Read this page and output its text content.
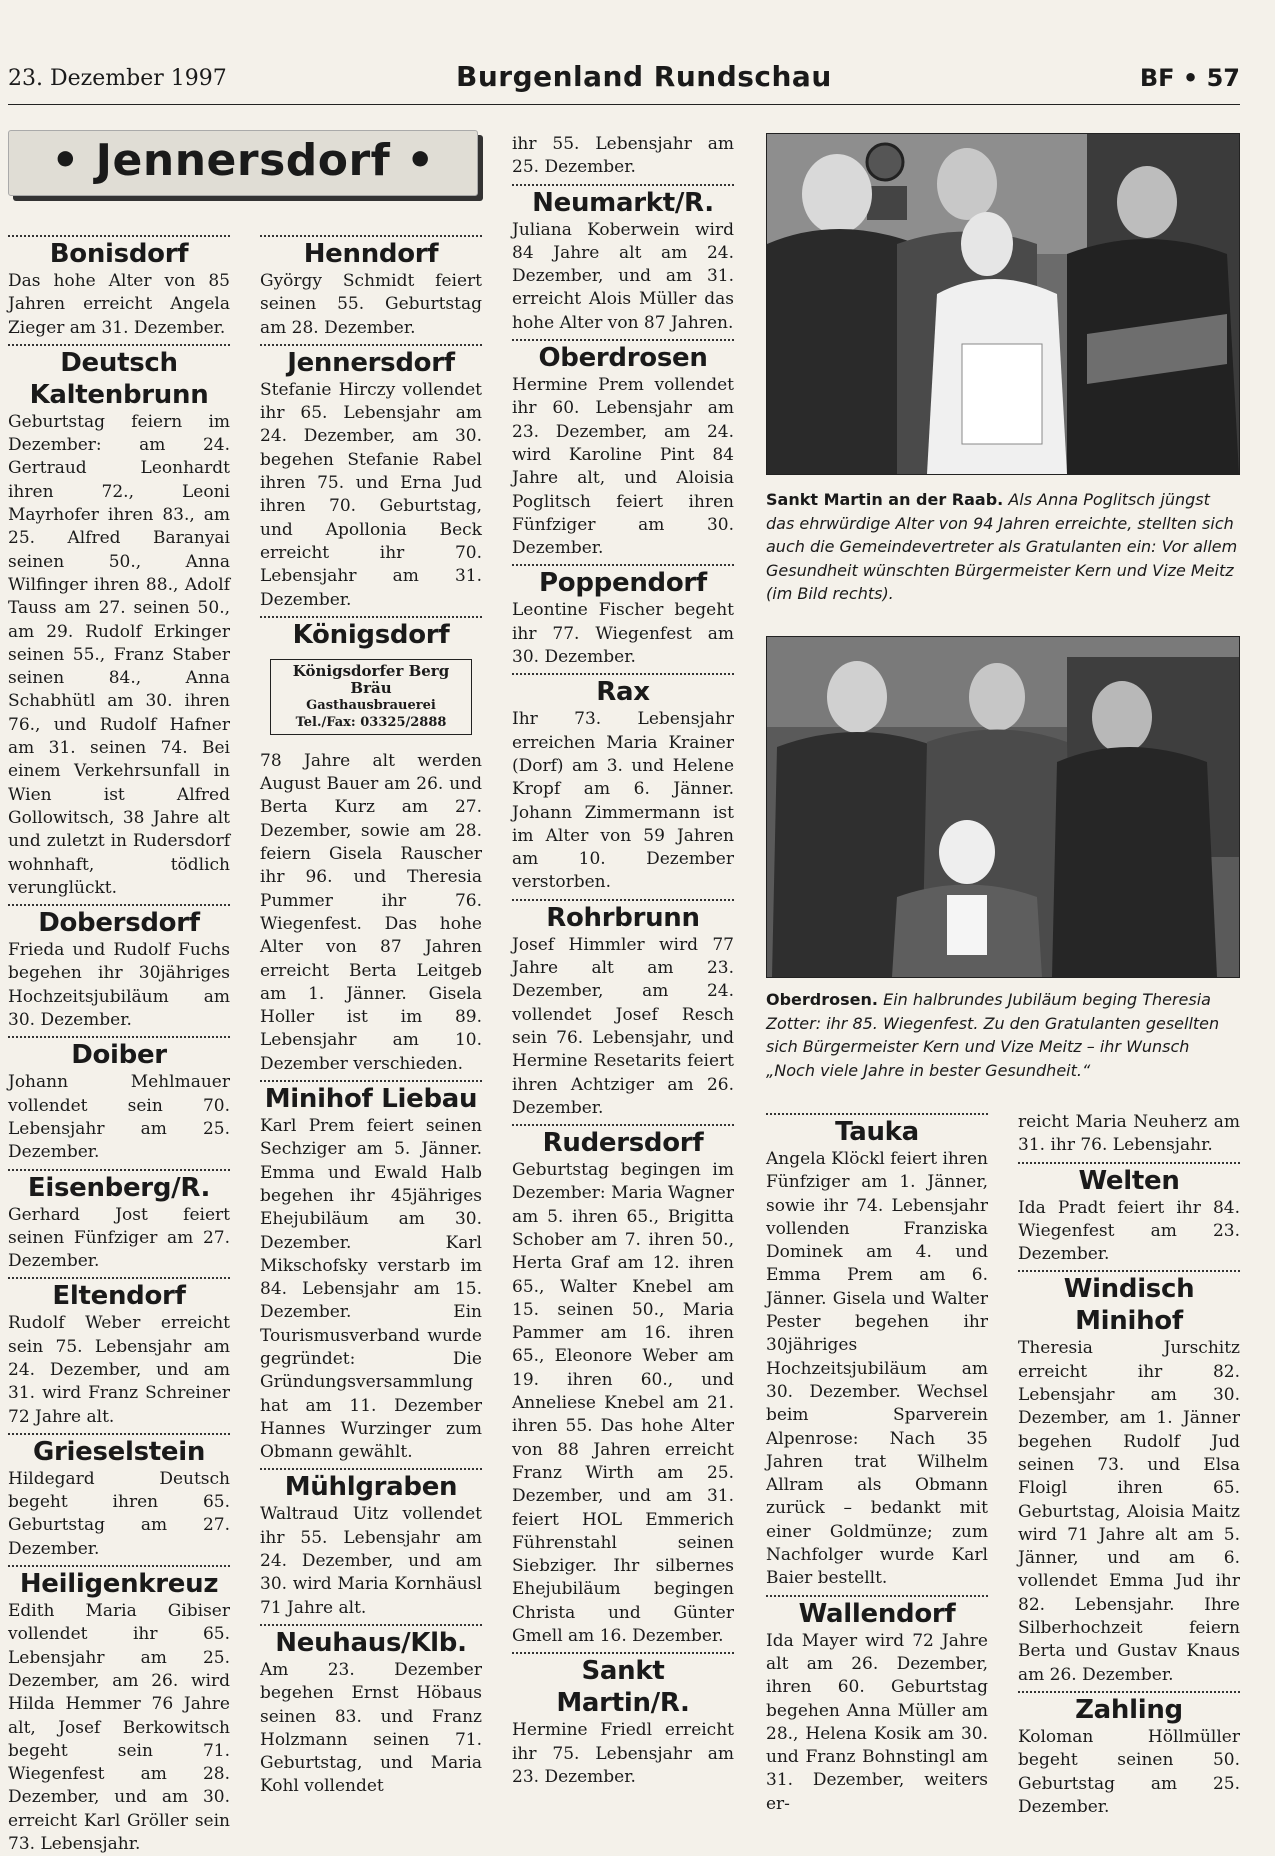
23. Dezember 1997	Burgenland Rundschau	BF • 57
• Jennersdorf •
Bonisdorf

Das hohe Alter von 85 Jahren erreicht Angela Zieger am 31. Dezember.

Deutsch Kaltenbrunn

Geburtstag feiern im Dezember: am 24. Gertraud Leonhardt ihren 72., Leoni Mayrhofer ihren 83., am 25. Alfred Baranyai seinen 50., Anna Wilfinger ihren 88., Adolf Tauss am 27. seinen 50., am 29. Rudolf Erkinger seinen 55., Franz Staber seinen 84., Anna Schabhütl am 30. ihren 76., und Rudolf Hafner am 31. seinen 74. Bei einem Verkehrsunfall in Wien ist Alfred Gollowitsch, 38 Jahre alt und zuletzt in Rudersdorf wohnhaft, tödlich verunglückt.

Dobersdorf

Frieda und Rudolf Fuchs begehen ihr 30jähriges Hochzeitsjubiläum am 30. Dezember.

Doiber

Johann Mehlmauer vollendet sein 70. Lebensjahr am 25. Dezember.

Eisenberg/R.

Gerhard Jost feiert seinen Fünfziger am 27. Dezember.

Eltendorf

Rudolf Weber erreicht sein 75. Lebensjahr am 24. Dezember, und am 31. wird Franz Schreiner 72 Jahre alt.

Grieselstein

Hildegard Deutsch begeht ihren 65. Geburtstag am 27. Dezember.

Heiligenkreuz

Edith Maria Gibiser vollendet ihr 65. Lebensjahr am 25. Dezember, am 26. wird Hilda Hemmer 76 Jahre alt, Josef Berkowitsch begeht sein 71. Wiegenfest am 28. Dezember, und am 30. erreicht Karl Gröller sein 73. Lebensjahr.

Henndorf

György Schmidt feiert seinen 55. Geburtstag am 28. Dezember.

Jennersdorf

Stefanie Hirczy vollendet ihr 65. Lebensjahr am 24. Dezember, am 30. begehen Stefanie Rabel ihren 75. und Erna Jud ihren 70. Geburtstag, und Apollonia Beck erreicht ihr 70. Lebensjahr am 31. Dezember.

Königsdorf
Königsdorfer Berg Bräu
Gasthausbrauerei
Tel./Fax: 03325/2888

78 Jahre alt werden August Bauer am 26. und Berta Kurz am 27. Dezember, sowie am 28. feiern Gisela Rauscher ihr 96. und Theresia Pummer ihr 76. Wiegenfest. Das hohe Alter von 87 Jahren erreicht Berta Leitgeb am 1. Jänner. Gisela Holler ist im 89. Lebensjahr am 10. Dezember verschieden.

Minihof Liebau

Karl Prem feiert seinen Sechziger am 5. Jänner. Emma und Ewald Halb begehen ihr 45jähriges Ehejubiläum am 30. Dezember. Karl Mikschofsky verstarb im 84. Lebensjahr am 15. Dezember. Ein Tourismusverband wurde gegründet: Die Gründungsversammlung hat am 11. Dezember Hannes Wurzinger zum Obmann gewählt.

Mühlgraben

Waltraud Uitz vollendet ihr 55. Lebensjahr am 24. Dezember, und am 30. wird Maria Kornhäusl 71 Jahre alt.

Neuhaus/Klb.

Am 23. Dezember begehen Ernst Höbaus seinen 83. und Franz Holzmann seinen 71. Geburtstag, und Maria Kohl vollendet

ihr 55. Lebensjahr am 25. Dezember.

Neumarkt/R.

Juliana Koberwein wird 84 Jahre alt am 24. Dezember, und am 31. erreicht Alois Müller das hohe Alter von 87 Jahren.

Oberdrosen

Hermine Prem vollendet ihr 60. Lebensjahr am 23. Dezember, am 24. wird Karoline Pint 84 Jahre alt, und Aloisia Poglitsch feiert ihren Fünfziger am 30. Dezember.

Poppendorf

Leontine Fischer begeht ihr 77. Wiegenfest am 30. Dezember.

Rax

Ihr 73. Lebensjahr erreichen Maria Krainer (Dorf) am 3. und Helene Kropf am 6. Jänner. Johann Zimmermann ist im Alter von 59 Jahren am 10. Dezember verstorben.

Rohrbrunn

Josef Himmler wird 77 Jahre alt am 23. Dezember, am 24. vollendet Josef Resch sein 76. Lebensjahr, und Hermine Resetarits feiert ihren Achtziger am 26. Dezember.

Rudersdorf

Geburtstag begingen im Dezember: Maria Wagner am 5. ihren 65., Brigitta Schober am 7. ihren 50., Herta Graf am 12. ihren 65., Walter Knebel am 15. seinen 50., Maria Pammer am 16. ihren 65., Eleonore Weber am 19. ihren 60., und Anneliese Knebel am 21. ihren 55. Das hohe Alter von 88 Jahren erreicht Franz Wirth am 25. Dezember, und am 31. feiert HOL Emmerich Führenstahl seinen Siebziger. Ihr silbernes Ehejubiläum begingen Christa und Günter Gmell am 16. Dezember.

Sankt Martin/R.

Hermine Friedl erreicht ihr 75. Lebensjahr am 23. Dezember.

Sankt Martin an der Raab. Als Anna Poglitsch jüngst das ehrwürdige Alter von 94 Jahren erreichte, stellten sich auch die Gemeindevertreter als Gratulanten ein: Vor allem Gesundheit wünschten Bürgermeister Kern und Vize Meitz (im Bild rechts).
Oberdrosen. Ein halbrundes Jubiläum beging Theresia Zotter: ihr 85. Wiegenfest. Zu den Gratulanten gesellten sich Bürgermeister Kern und Vize Meitz – ihr Wunsch „Noch viele Jahre in bester Gesundheit.“
Tauka

Angela Klöckl feiert ihren Fünfziger am 1. Jänner, sowie ihr 74. Lebensjahr vollenden Franziska Dominek am 4. und Emma Prem am 6. Jänner. Gisela und Walter Pester begehen ihr 30jähriges Hochzeitsjubiläum am 30. Dezember. Wechsel beim Sparverein Alpenrose: Nach 35 Jahren trat Wilhelm Allram als Obmann zurück – bedankt mit einer Goldmünze; zum Nachfolger wurde Karl Baier bestellt.

Wallendorf

Ida Mayer wird 72 Jahre alt am 26. Dezember, ihren 60. Geburtstag begehen Anna Müller am 28., Helena Kosik am 30. und Franz Bohnstingl am 31. Dezember, weiters er-

reicht Maria Neuherz am 31. ihr 76. Lebensjahr.

Welten

Ida Pradt feiert ihr 84. Wiegenfest am 23. Dezember.

Windisch Minihof

Theresia Jurschitz erreicht ihr 82. Lebensjahr am 30. Dezember, am 1. Jänner begehen Rudolf Jud seinen 73. und Elsa Floigl ihren 65. Geburtstag, Aloisia Maitz wird 71 Jahre alt am 5. Jänner, und am 6. vollendet Emma Jud ihr 82. Lebensjahr. Ihre Silberhochzeit feiern Berta und Gustav Knaus am 26. Dezember.

Zahling

Koloman Höllmüller begeht seinen 50. Geburtstag am 25. Dezember.
